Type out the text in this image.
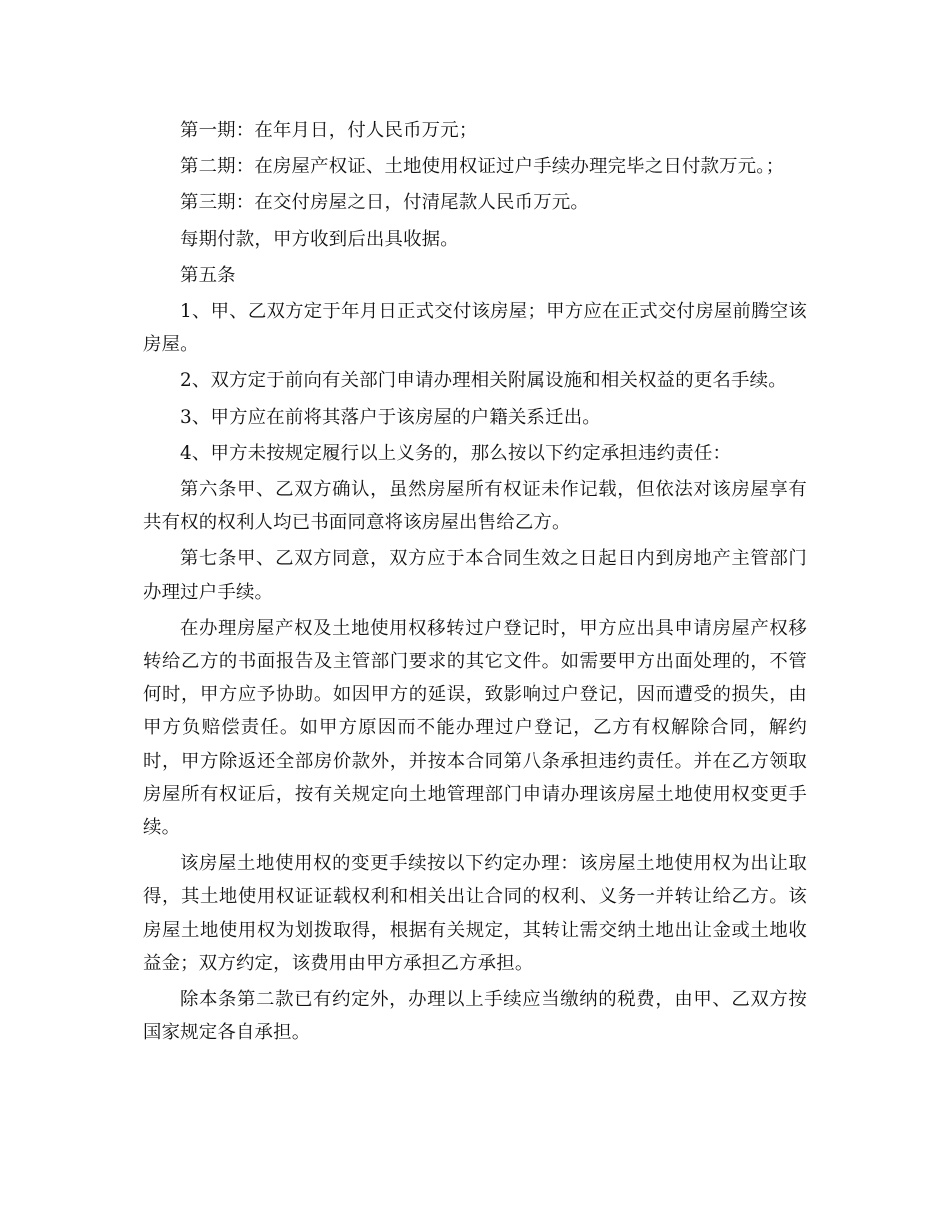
第一期：在年月日，付人民币万元；

第二期：在房屋产权证、土地使用权证过户手续办理完毕之日付款万元。；

第三期：在交付房屋之日，付清尾款人民币万元。

每期付款，甲方收到后出具收据。

第五条

1、甲、乙双方定于年月日正式交付该房屋；甲方应在正式交付房屋前腾空该房屋。

2、双方定于前向有关部门申请办理相关附属设施和相关权益的更名手续。

3、甲方应在前将其落户于该房屋的户籍关系迁出。

4、甲方未按规定履行以上义务的，那么按以下约定承担违约责任：

第六条甲、乙双方确认，虽然房屋所有权证未作记载，但依法对该房屋享有共有权的权利人均已书面同意将该房屋出售给乙方。

第七条甲、乙双方同意，双方应于本合同生效之日起日内到房地产主管部门办理过户手续。

在办理房屋产权及土地使用权移转过户登记时，甲方应出具申请房屋产权移转给乙方的书面报告及主管部门要求的其它文件。如需要甲方出面处理的，不管何时，甲方应予协助。如因甲方的延误，致影响过户登记，因而遭受的损失，由甲方负赔偿责任。如甲方原因而不能办理过户登记，乙方有权解除合同，解约时，甲方除返还全部房价款外，并按本合同第八条承担违约责任。并在乙方领取房屋所有权证后，按有关规定向土地管理部门申请办理该房屋土地使用权变更手续。

该房屋土地使用权的变更手续按以下约定办理：该房屋土地使用权为出让取得，其土地使用权证证载权利和相关出让合同的权利、义务一并转让给乙方。该房屋土地使用权为划拨取得，根据有关规定，其转让需交纳土地出让金或土地收益金；双方约定，该费用由甲方承担乙方承担。

除本条第二款已有约定外，办理以上手续应当缴纳的税费，由甲、乙双方按国家规定各自承担。
